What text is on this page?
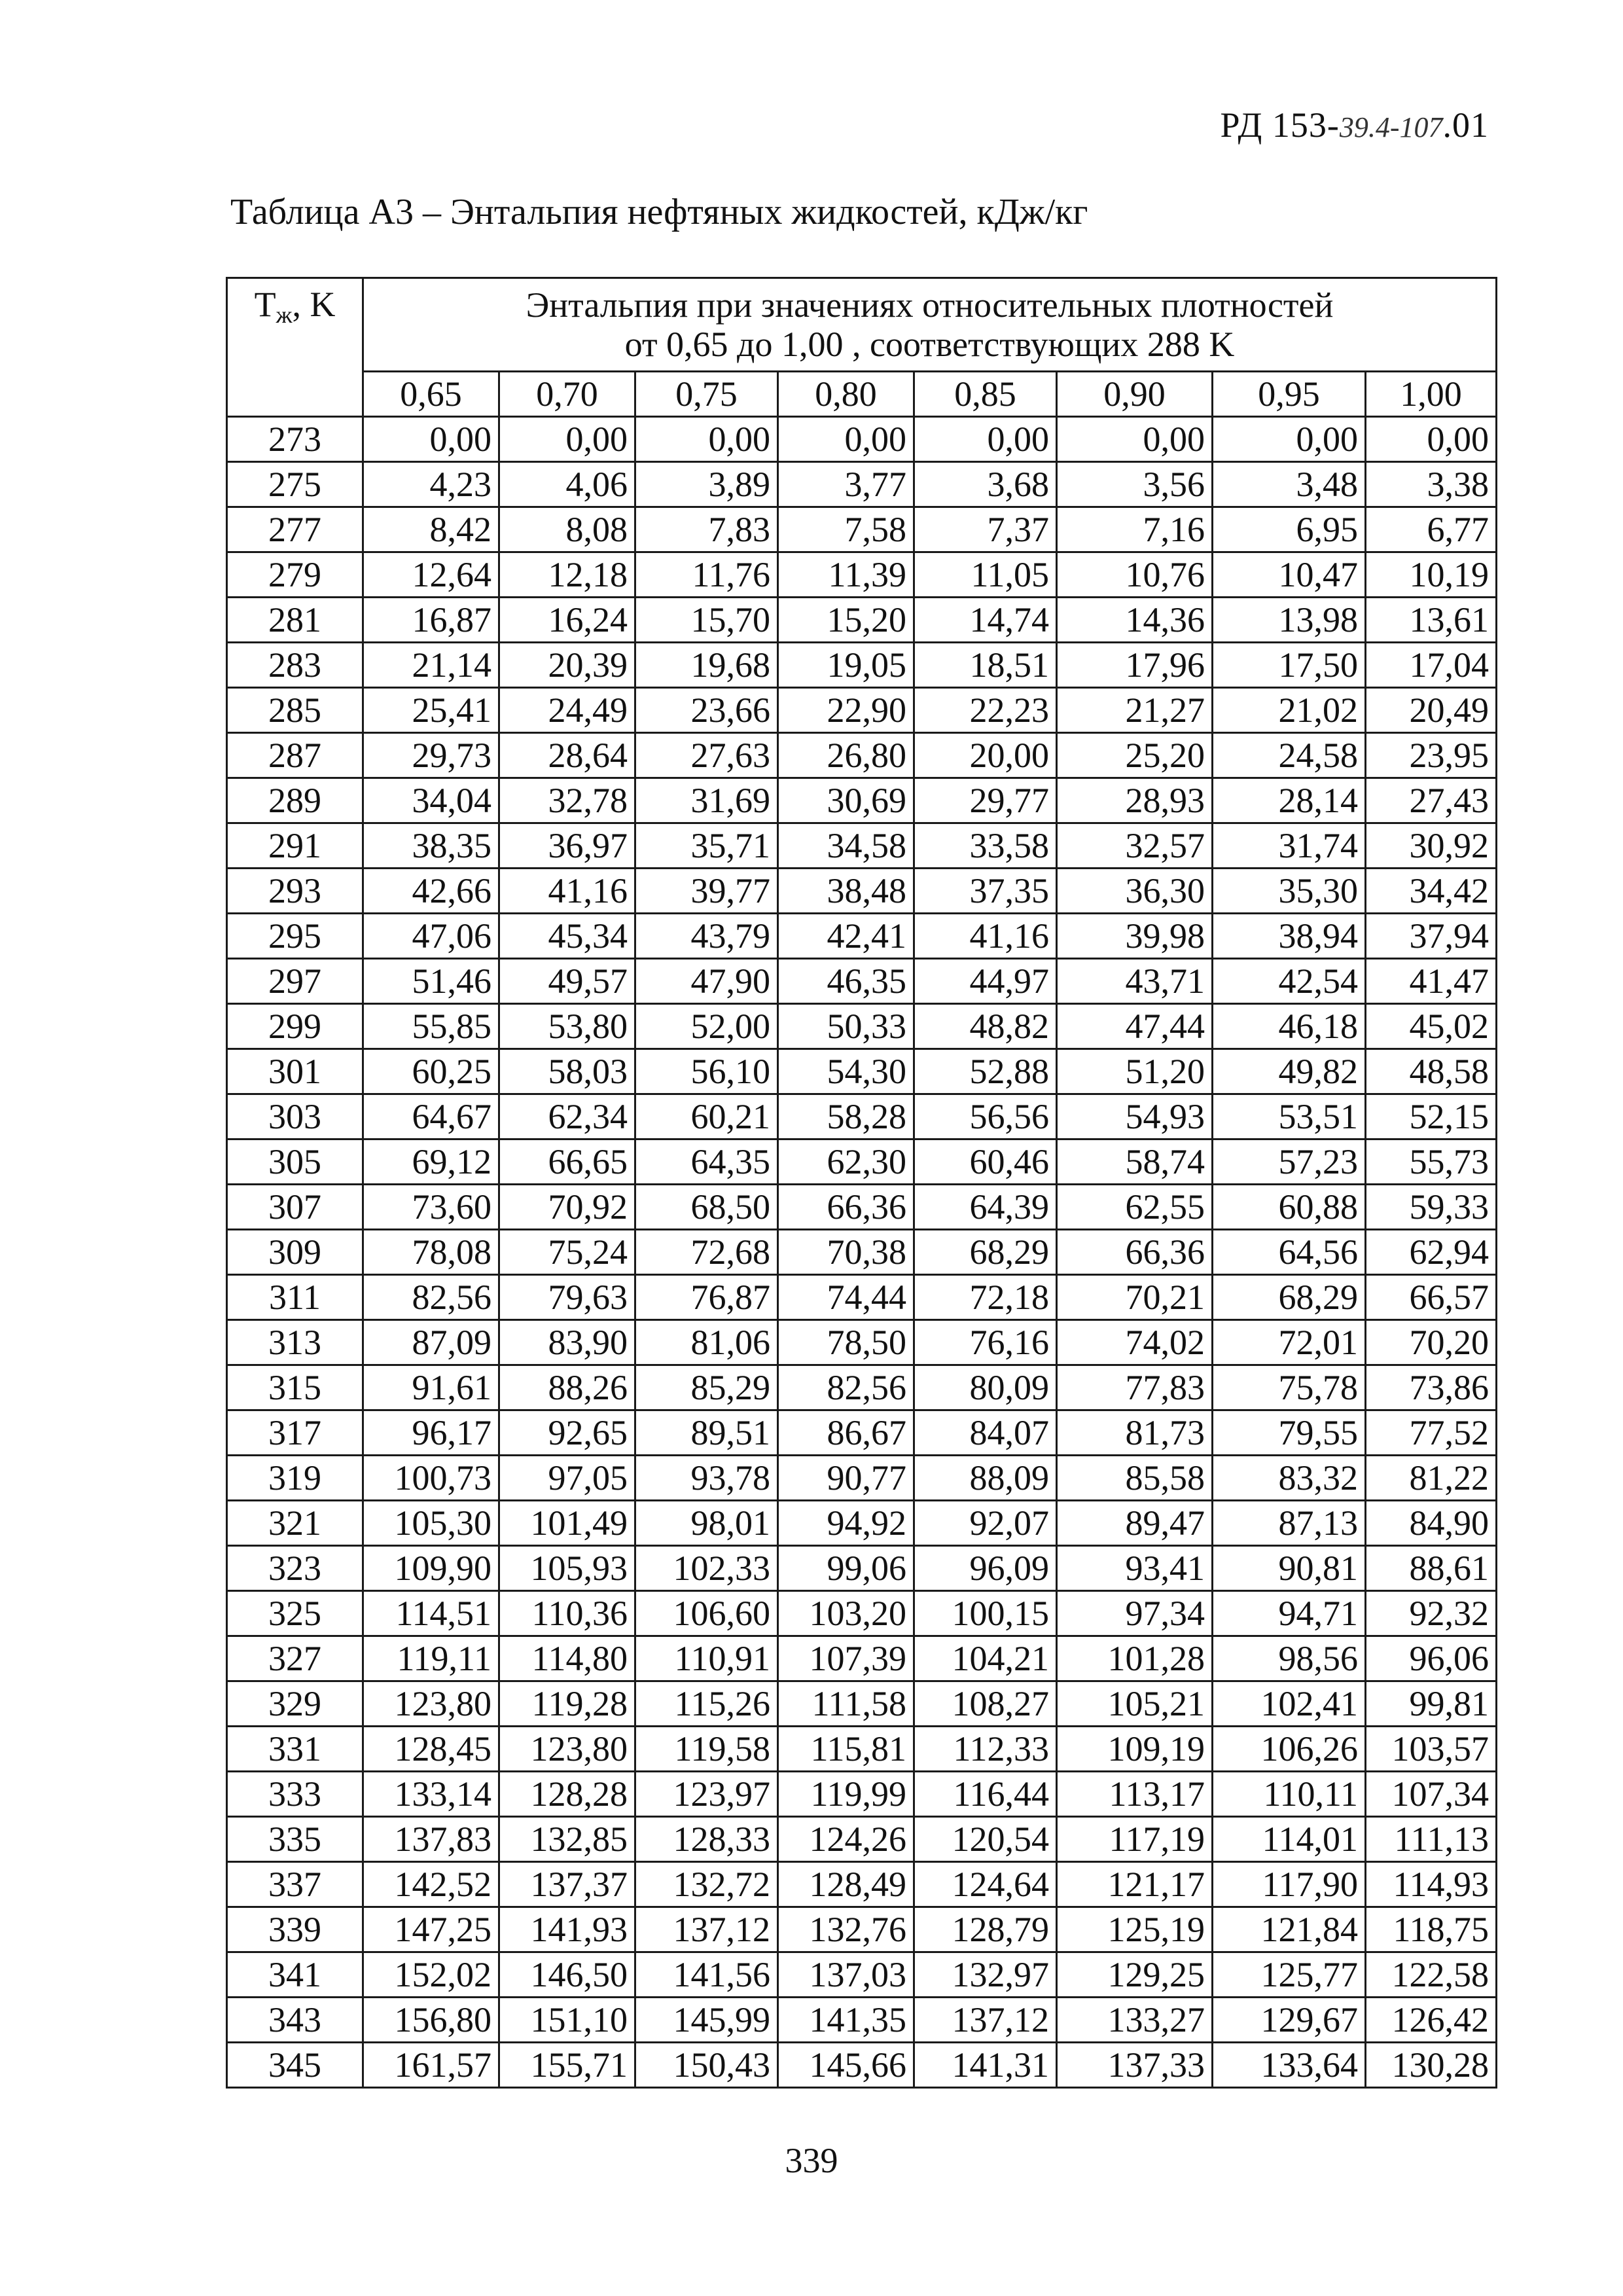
РД 153-39.4-107.01
Таблица А3 – Энтальпия нефтяных жидкостей, кДж/кг
$T_ж$, K	Энтальпия при значениях относительных плотностей
от 0,65 до 1,00 , соответствующих 288 K							
	0,65	0,70	0,75	0,80	0,85	0,90	0,95	1,00
273	0,00	0,00	0,00	0,00	0,00	0,00	0,00	0,00
275	4,23	4,06	3,89	3,77	3,68	3,56	3,48	3,38
277	8,42	8,08	7,83	7,58	7,37	7,16	6,95	6,77
279	12,64	12,18	11,76	11,39	11,05	10,76	10,47	10,19
281	16,87	16,24	15,70	15,20	14,74	14,36	13,98	13,61
283	21,14	20,39	19,68	19,05	18,51	17,96	17,50	17,04
285	25,41	24,49	23,66	22,90	22,23	21,27	21,02	20,49
287	29,73	28,64	27,63	26,80	20,00	25,20	24,58	23,95
289	34,04	32,78	31,69	30,69	29,77	28,93	28,14	27,43
291	38,35	36,97	35,71	34,58	33,58	32,57	31,74	30,92
293	42,66	41,16	39,77	38,48	37,35	36,30	35,30	34,42
295	47,06	45,34	43,79	42,41	41,16	39,98	38,94	37,94
297	51,46	49,57	47,90	46,35	44,97	43,71	42,54	41,47
299	55,85	53,80	52,00	50,33	48,82	47,44	46,18	45,02
301	60,25	58,03	56,10	54,30	52,88	51,20	49,82	48,58
303	64,67	62,34	60,21	58,28	56,56	54,93	53,51	52,15
305	69,12	66,65	64,35	62,30	60,46	58,74	57,23	55,73
307	73,60	70,92	68,50	66,36	64,39	62,55	60,88	59,33
309	78,08	75,24	72,68	70,38	68,29	66,36	64,56	62,94
311	82,56	79,63	76,87	74,44	72,18	70,21	68,29	66,57
313	87,09	83,90	81,06	78,50	76,16	74,02	72,01	70,20
315	91,61	88,26	85,29	82,56	80,09	77,83	75,78	73,86
317	96,17	92,65	89,51	86,67	84,07	81,73	79,55	77,52
319	100,73	97,05	93,78	90,77	88,09	85,58	83,32	81,22
321	105,30	101,49	98,01	94,92	92,07	89,47	87,13	84,90
323	109,90	105,93	102,33	99,06	96,09	93,41	90,81	88,61
325	114,51	110,36	106,60	103,20	100,15	97,34	94,71	92,32
327	119,11	114,80	110,91	107,39	104,21	101,28	98,56	96,06
329	123,80	119,28	115,26	111,58	108,27	105,21	102,41	99,81
331	128,45	123,80	119,58	115,81	112,33	109,19	106,26	103,57
333	133,14	128,28	123,97	119,99	116,44	113,17	110,11	107,34
335	137,83	132,85	128,33	124,26	120,54	117,19	114,01	111,13
337	142,52	137,37	132,72	128,49	124,64	121,17	117,90	114,93
339	147,25	141,93	137,12	132,76	128,79	125,19	121,84	118,75
341	152,02	146,50	141,56	137,03	132,97	129,25	125,77	122,58
343	156,80	151,10	145,99	141,35	137,12	133,27	129,67	126,42
345	161,57	155,71	150,43	145,66	141,31	137,33	133,64	130,28
339
